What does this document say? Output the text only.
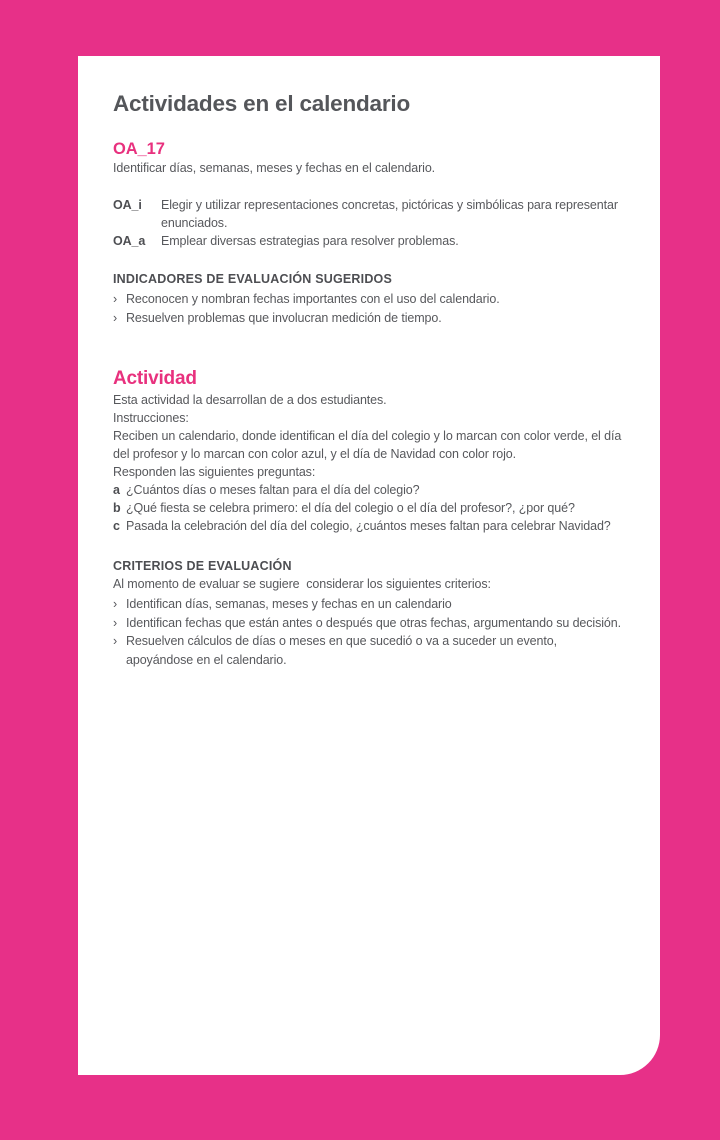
Actividades en el calendario
OA_17
Identificar días, semanas, meses y fechas en el calendario.
OA_i	Elegir y utilizar representaciones concretas, pictóricas y simbólicas para representar enunciados.
OA_a	Emplear diversas estrategias para resolver problemas.
INDICADORES DE EVALUACIÓN SUGERIDOS
› Reconocen y nombran fechas importantes con el uso del calendario.
› Resuelven problemas que involucran medición de tiempo.
Actividad

Esta actividad la desarrollan de a dos estudiantes.

Instrucciones:

Reciben un calendario, donde identifican el día del colegio y lo marcan con color verde, el día del profesor y lo marcan con color azul, y el día de Navidad con color rojo.

Responden las siguientes preguntas:

a ¿Cuántos días o meses faltan para el día del colegio?
b ¿Qué fiesta se celebra primero: el día del colegio o el día del profesor?, ¿por qué?
c Pasada la celebración del día del colegio, ¿cuántos meses faltan para celebrar Navidad?
CRITERIOS DE EVALUACIÓN

Al momento de evaluar se sugiere  considerar los siguientes criterios:

› Identifican días, semanas, meses y fechas en un calendario
› Identifican fechas que están antes o después que otras fechas, argumentando su decisión.
› Resuelven cálculos de días o meses en que sucedió o va a suceder un evento, apoyándose en el calendario.
